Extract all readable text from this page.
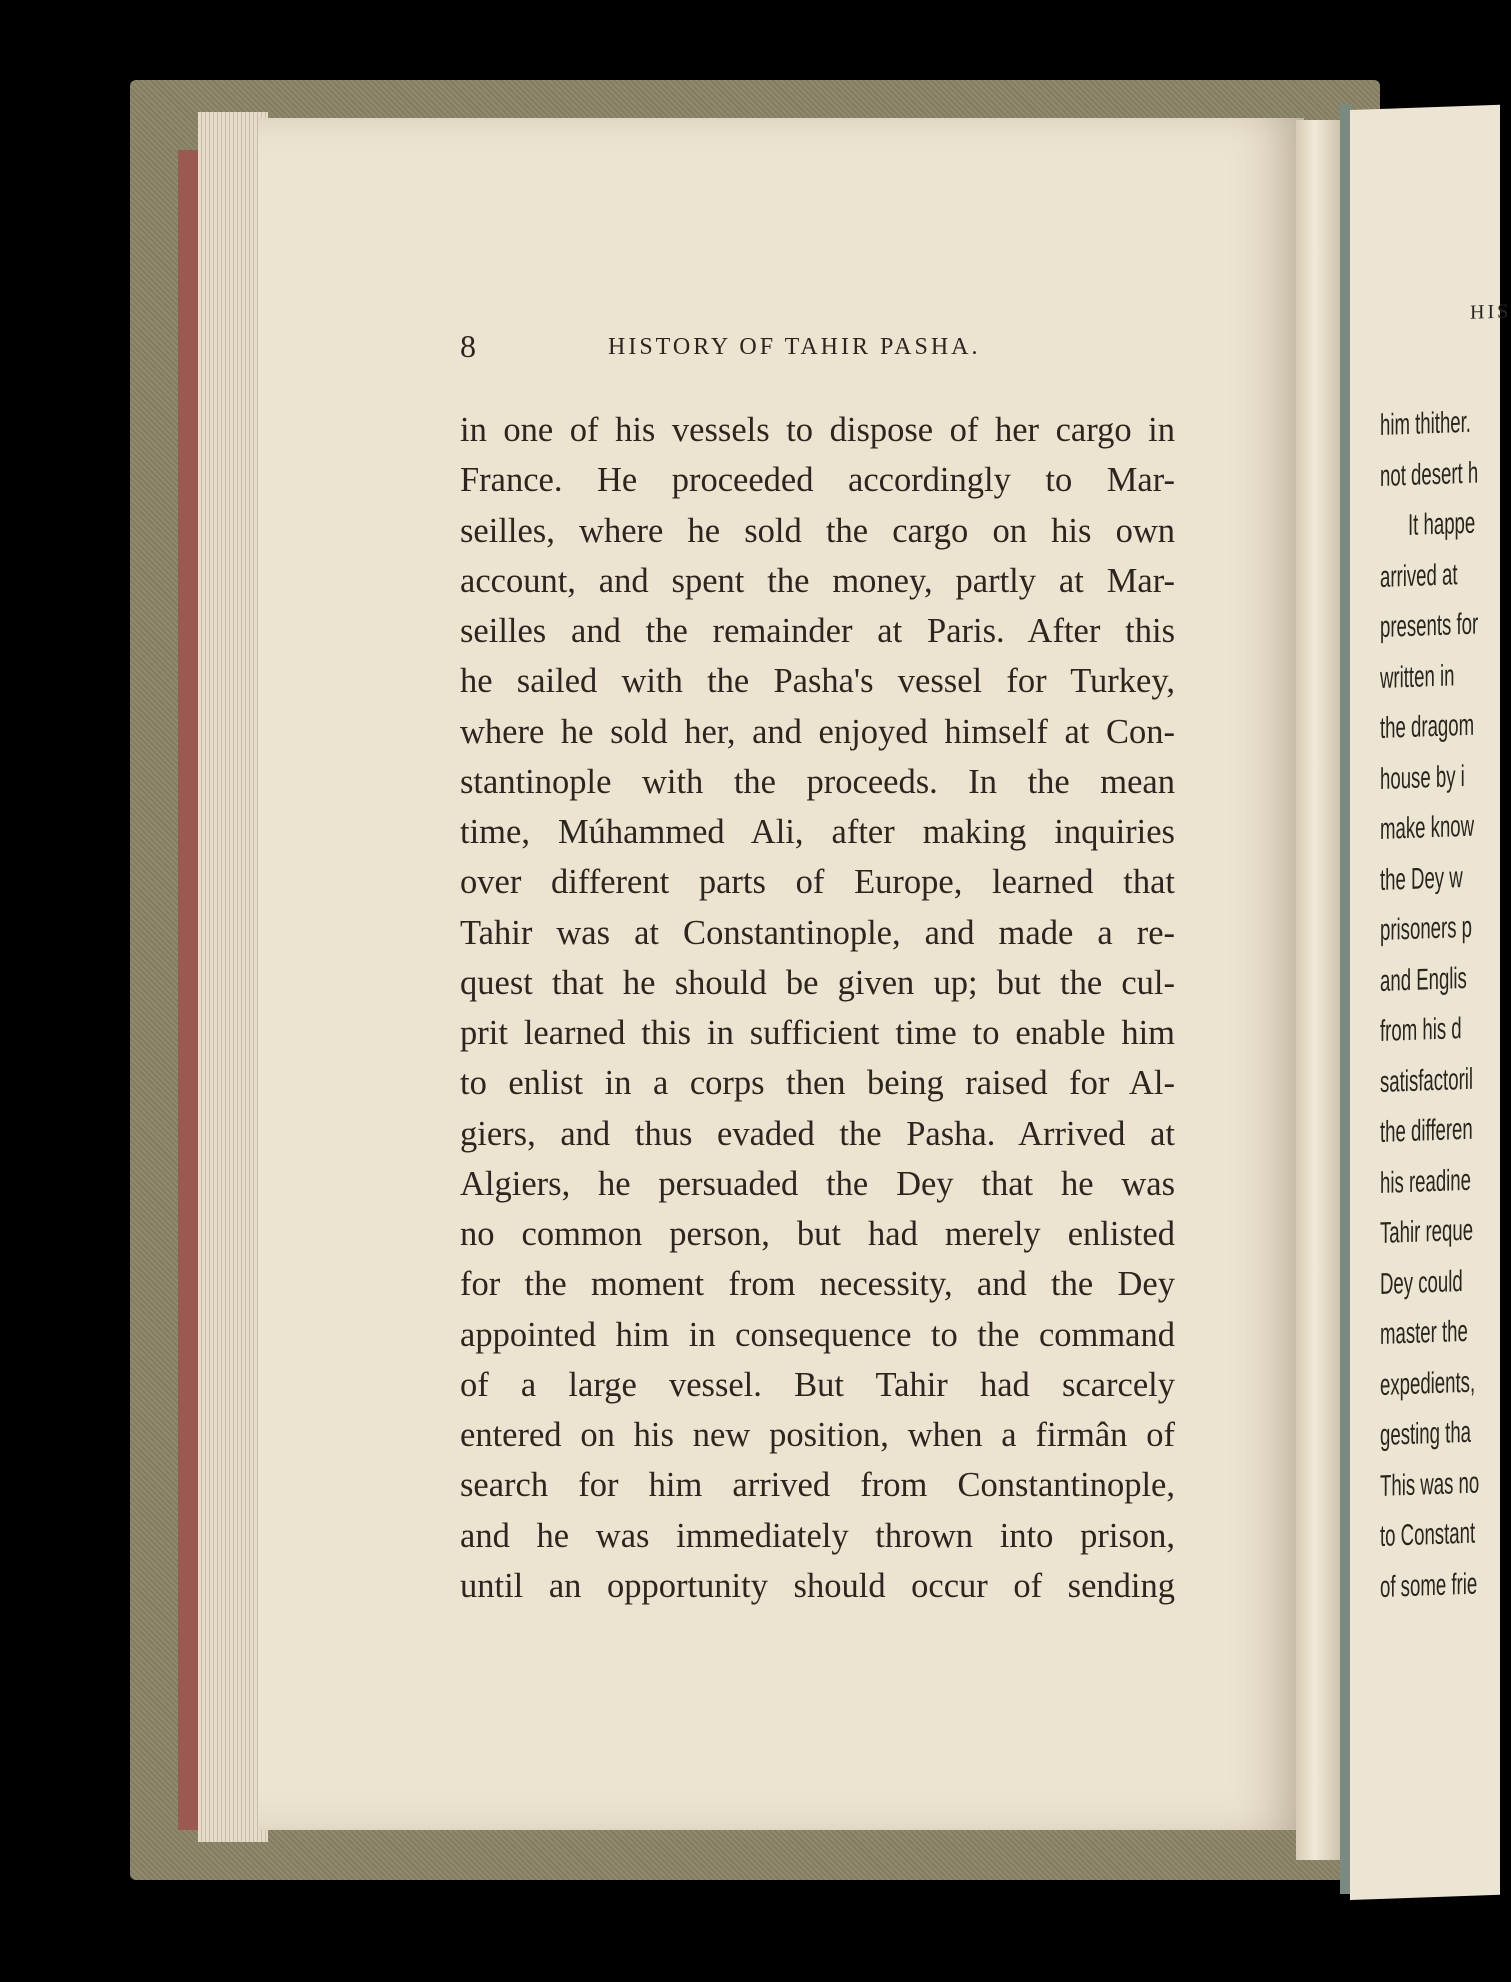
HIS
him thither.
not desert h
It happe
arrived at
presents for
written in
the dragom
house by i
make know
the Dey w
prisoners p
and Englis
from his d
satisfactoril
the differen
his readine
Tahir reque
Dey could
master the
expedients,
gesting tha
This was no
to Constant
of some frie
8	HISTORY OF TAHIR PASHA.
in one of his vessels to dispose of her cargo in
France. He proceeded accordingly to Mar-
seilles, where he sold the cargo on his own
account, and spent the money, partly at Mar-
seilles and the remainder at Paris. After this
he sailed with the Pasha's vessel for Turkey,
where he sold her, and enjoyed himself at Con-
stantinople with the proceeds. In the mean
time, Múhammed Ali, after making inquiries
over different parts of Europe, learned that
Tahir was at Constantinople, and made a re-
quest that he should be given up; but the cul-
prit learned this in sufficient time to enable him
to enlist in a corps then being raised for Al-
giers, and thus evaded the Pasha. Arrived at
Algiers, he persuaded the Dey that he was
no common person, but had merely enlisted
for the moment from necessity, and the Dey
appointed him in consequence to the command
of a large vessel. But Tahir had scarcely
entered on his new position, when a firmân of
search for him arrived from Constantinople,
and he was immediately thrown into prison,
until an opportunity should occur of sending
